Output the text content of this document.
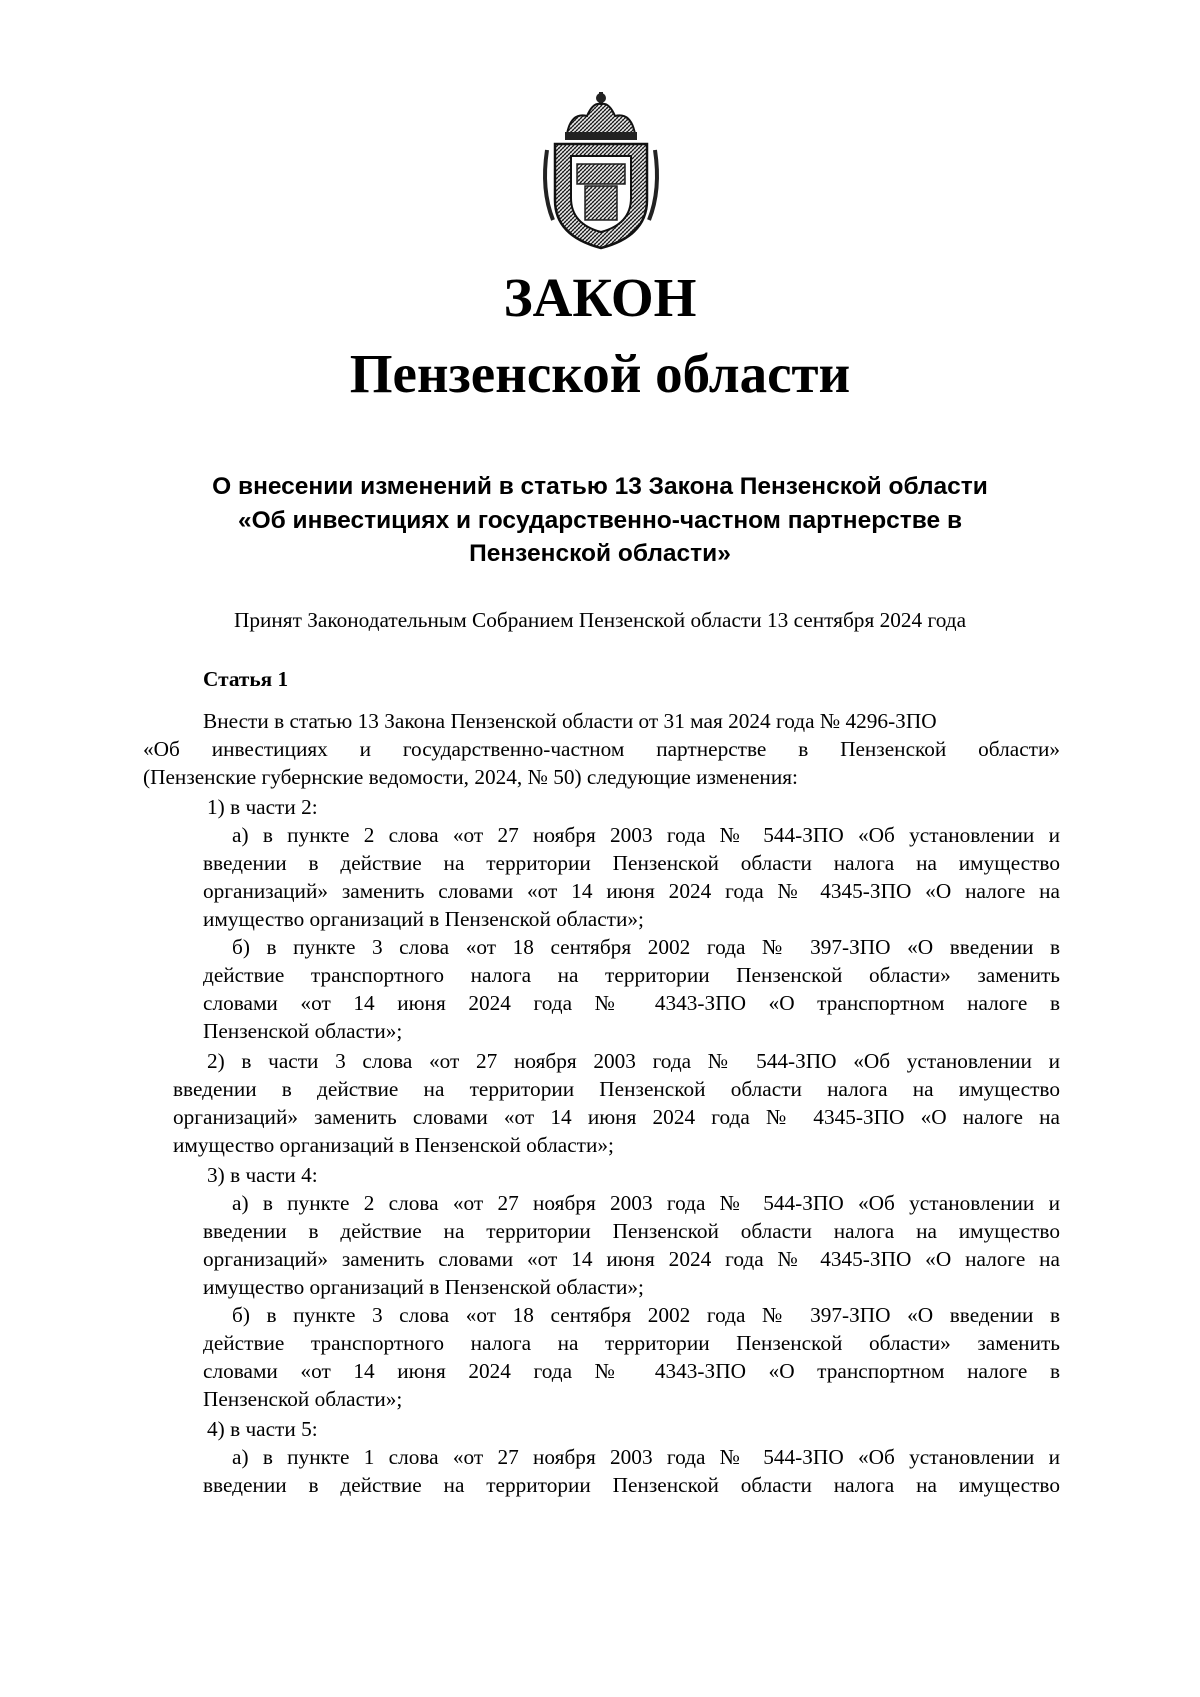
ЗАКОН
Пензенской области
О внесении изменений в статью 13 Закона Пензенской области
«Об инвестициях и государственно-частном партнерстве в
Пензенской области»
Принят Законодательным Собранием Пензенской области 13 сентября 2024 года
Статья 1
Внести в статью 13 Закона Пензенской области от 31 мая 2024 года № 4296-ЗПО
«Об инвестициях и государственно-частном партнерстве в Пензенской области»
(Пензенские губернские ведомости, 2024, № 50) следующие изменения:
1) в части 2:
а) в пункте 2 слова «от 27 ноября 2003 года № 544-ЗПО «Об установлении и
введении в действие на территории Пензенской области налога на имущество
организаций» заменить словами «от 14 июня 2024 года № 4345-ЗПО «О налоге на
имущество организаций в Пензенской области»;
б) в пункте 3 слова «от 18 сентября 2002 года № 397-ЗПО «О введении в
действие транспортного налога на территории Пензенской области» заменить
словами «от 14 июня 2024 года № 4343-ЗПО «О транспортном налоге в
Пензенской области»;
2) в части 3 слова «от 27 ноября 2003 года № 544-ЗПО «Об установлении и
введении в действие на территории Пензенской области налога на имущество
организаций» заменить словами «от 14 июня 2024 года № 4345-ЗПО «О налоге на
имущество организаций в Пензенской области»;
3) в части 4:
а) в пункте 2 слова «от 27 ноября 2003 года № 544-ЗПО «Об установлении и
введении в действие на территории Пензенской области налога на имущество
организаций» заменить словами «от 14 июня 2024 года № 4345-ЗПО «О налоге на
имущество организаций в Пензенской области»;
б) в пункте 3 слова «от 18 сентября 2002 года № 397-ЗПО «О введении в
действие транспортного налога на территории Пензенской области» заменить
словами «от 14 июня 2024 года № 4343-ЗПО «О транспортном налоге в
Пензенской области»;
4) в части 5:
а) в пункте 1 слова «от 27 ноября 2003 года № 544-ЗПО «Об установлении и
введении в действие на территории Пензенской области налога на имущество
